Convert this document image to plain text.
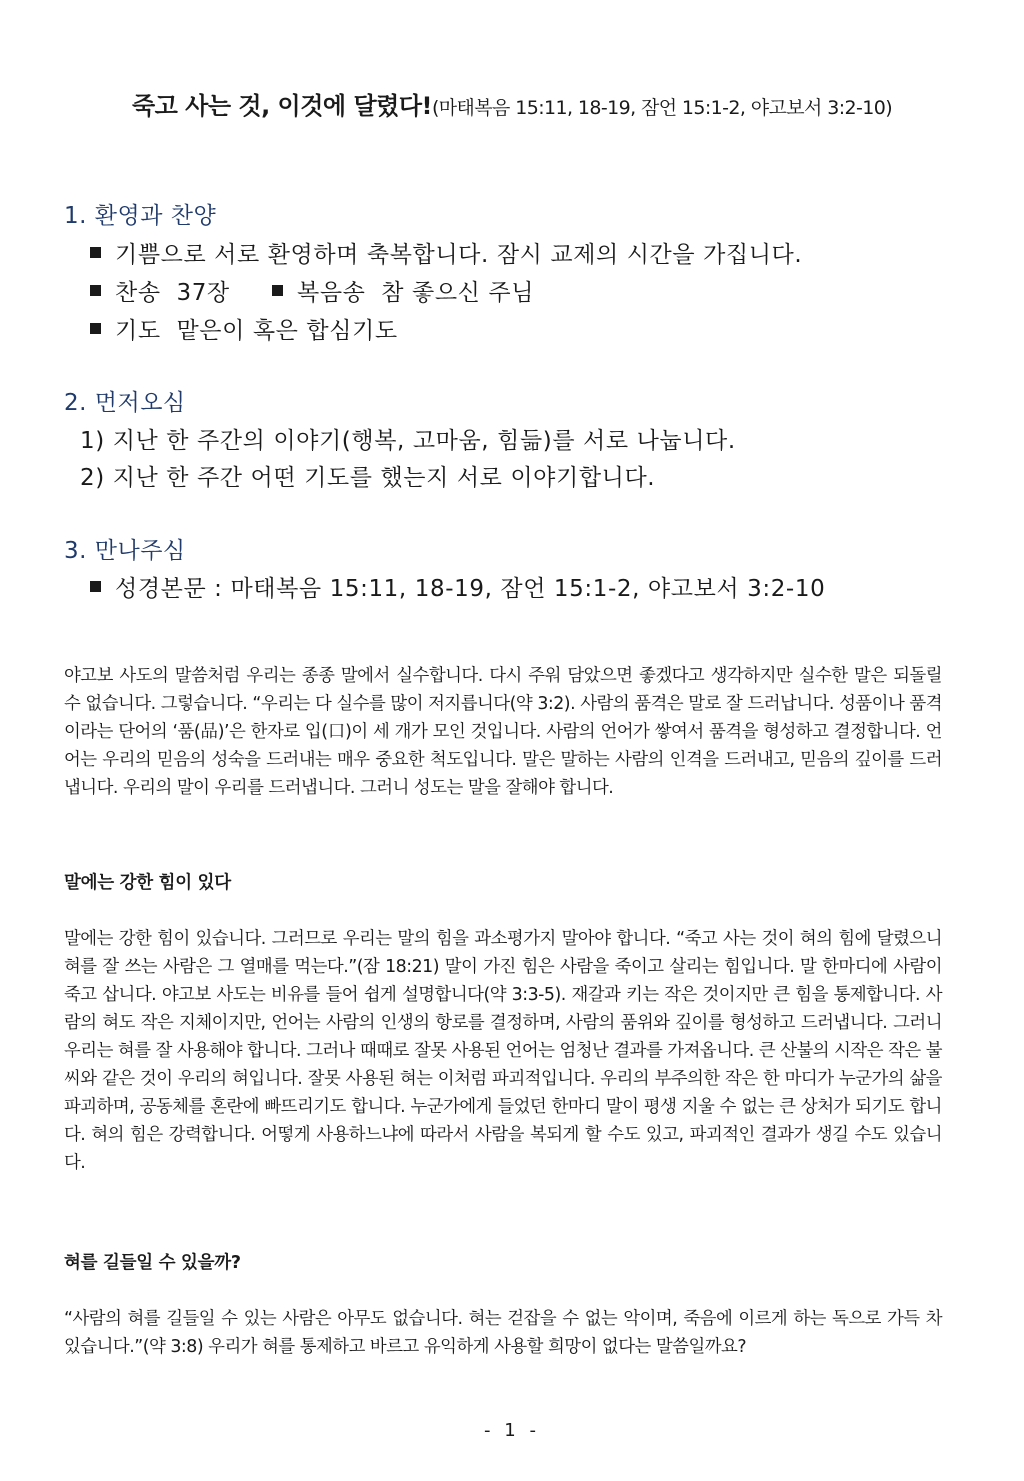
죽고 사는 것, 이것에 달렸다!(마태복음 15:11, 18-19, 잠언 15:1-2, 야고보서 3:2-10)
1. 환영과 찬양
기쁨으로 서로 환영하며 축복합니다. 잠시 교제의 시간을 가집니다.
찬송  37장	복음송  참 좋으신 주님
기도  맡은이 혹은 합심기도
2. 먼저오심
1) 지난 한 주간의 이야기(행복, 고마움, 힘듦)를 서로 나눕니다.
2) 지난 한 주간 어떤 기도를 했는지 서로 이야기합니다.
3. 만나주심
성경본문 : 마태복음 15:11, 18-19, 잠언 15:1-2, 야고보서 3:2-10

야고보 사도의 말씀처럼 우리는 종종 말에서 실수합니다. 다시 주워 담았으면 좋겠다고 생각하지만 실수한 말은 되돌릴 수 없습니다. 그렇습니다. “우리는 다 실수를 많이 저지릅니다(약 3:2). 사람의 품격은 말로 잘 드러납니다. 성품이나 품격이라는 단어의 ‘품(品)’은 한자로 입(口)이 세 개가 모인 것입니다. 사람의 언어가 쌓여서 품격을 형성하고 결정합니다. 언어는 우리의 믿음의 성숙을 드러내는 매우 중요한 척도입니다. 말은 말하는 사람의 인격을 드러내고, 믿음의 깊이를 드러냅니다. 우리의 말이 우리를 드러냅니다. 그러니 성도는 말을 잘해야 합니다.

말에는 강한 힘이 있다

말에는 강한 힘이 있습니다. 그러므로 우리는 말의 힘을 과소평가지 말아야 합니다. “죽고 사는 것이 혀의 힘에 달렸으니 혀를 잘 쓰는 사람은 그 열매를 먹는다.”(잠 18:21) 말이 가진 힘은 사람을 죽이고 살리는 힘입니다. 말 한마디에 사람이 죽고 삽니다. 야고보 사도는 비유를 들어 쉽게 설명합니다(약 3:3-5). 재갈과 키는 작은 것이지만 큰 힘을 통제합니다. 사람의 혀도 작은 지체이지만, 언어는 사람의 인생의 항로를 결정하며, 사람의 품위와 깊이를 형성하고 드러냅니다. 그러니 우리는 혀를 잘 사용해야 합니다. 그러나 때때로 잘못 사용된 언어는 엄청난 결과를 가져옵니다. 큰 산불의 시작은 작은 불씨와 같은 것이 우리의 혀입니다. 잘못 사용된 혀는 이처럼 파괴적입니다. 우리의 부주의한 작은 한 마디가 누군가의 삶을 파괴하며, 공동체를 혼란에 빠뜨리기도 합니다. 누군가에게 들었던 한마디 말이 평생 지울 수 없는 큰 상처가 되기도 합니다. 혀의 힘은 강력합니다. 어떻게 사용하느냐에 따라서 사람을 복되게 할 수도 있고, 파괴적인 결과가 생길 수도 있습니다.

혀를 길들일 수 있을까?

“사람의 혀를 길들일 수 있는 사람은 아무도 없습니다. 혀는 걷잡을 수 없는 악이며, 죽음에 이르게 하는 독으로 가득 차 있습니다.”(약 3:8) 우리가 혀를 통제하고 바르고 유익하게 사용할 희망이 없다는 말씀일까요?

- 1 -
